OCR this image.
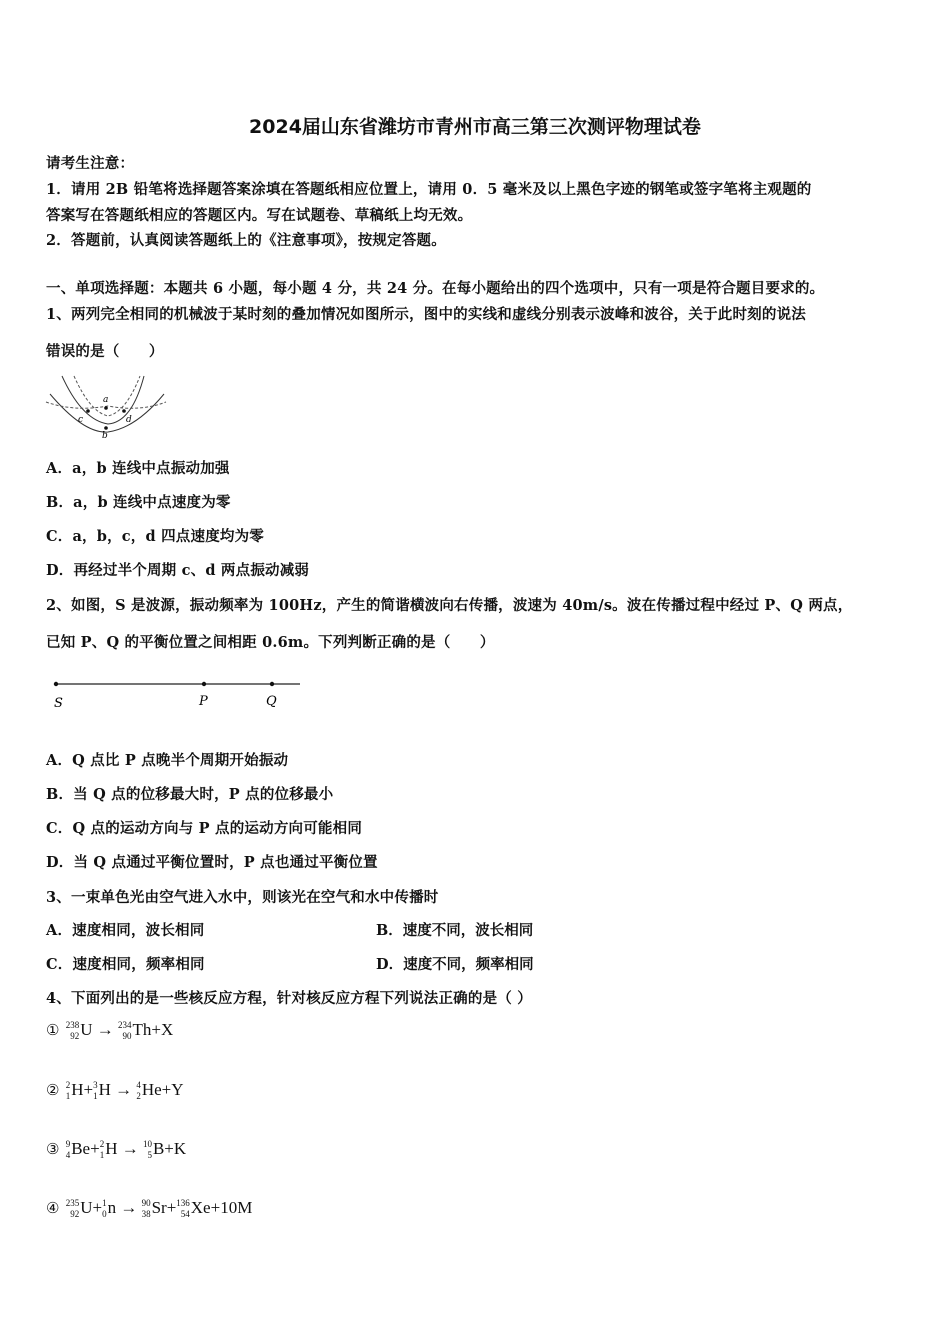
2024届山东省潍坊市青州市高三第三次测评物理试卷
请考生注意：
1．请用 2B 铅笔将选择题答案涂填在答题纸相应位置上，请用 0．5 毫米及以上黑色字迹的钢笔或签字笔将主观题的
答案写在答题纸相应的答题区内。写在试题卷、草稿纸上均无效。
2．答题前，认真阅读答题纸上的《注意事项》，按规定答题。
一、单项选择题：本题共 6 小题，每小题 4 分，共 24 分。在每小题给出的四个选项中，只有一项是符合题目要求的。
1、两列完全相同的机械波于某时刻的叠加情况如图所示，图中的实线和虚线分别表示波峰和波谷，关于此时刻的说法
错误的是（　　）
a
c	d
b
A．a，b 连线中点振动加强
B．a，b 连线中点速度为零
C．a，b，c，d 四点速度均为零
D．再经过半个周期 c、d 两点振动减弱
2、如图，S 是波源，振动频率为 100Hz，产生的简谐横波向右传播，波速为 40m/s。波在传播过程中经过 P、Q 两点，
已知 P、Q 的平衡位置之间相距 0.6m。下列判断正确的是（　　）
S	P	Q
A．Q 点比 P 点晚半个周期开始振动
B．当 Q 点的位移最大时，P 点的位移最小
C．Q 点的运动方向与 P 点的运动方向可能相同
D．当 Q 点通过平衡位置时，P 点也通过平衡位置
3、一束单色光由空气进入水中，则该光在空气和水中传播时
A．速度相同，波长相同	B．速度不同，波长相同
C．速度相同，频率相同	D．速度不同，频率相同
4、下面列出的是一些核反应方程，针对核反应方程下列说法正确的是（ ）
① 238
92 U → 234
90 Th+X
② 2
1 H+ 3
1 H → 4
2 He+Y
③ 9
4 Be+ 2
1 H → 10
5 B+K
④ 235
92 U+ 1
0 n → 90
38 Sr+ 136
54 Xe+10M
